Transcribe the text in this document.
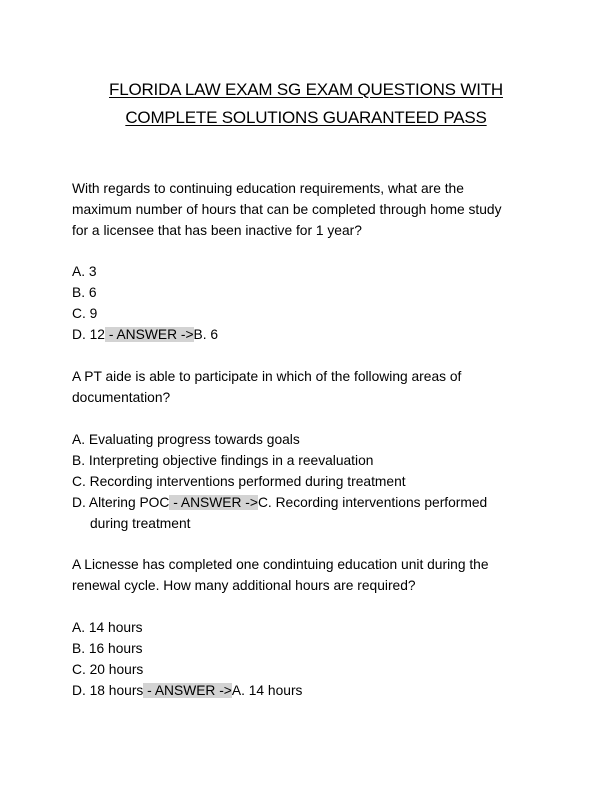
FLORIDA LAW EXAM SG EXAM QUESTIONS WITH
COMPLETE SOLUTIONS GUARANTEED PASS
With regards to continuing education requirements, what are the
maximum number of hours that can be completed through home study
for a licensee that has been inactive for 1 year?
A. 3
B. 6
C. 9
D. 12 - ANSWER ->B. 6
A PT aide is able to participate in which of the following areas of
documentation?
A. Evaluating progress towards goals
B. Interpreting objective findings in a reevaluation
C. Recording interventions performed during treatment
D. Altering POC - ANSWER ->C. Recording interventions performed
during treatment
A Licnesse has completed one condintuing education unit during the
renewal cycle. How many additional hours are required?
A. 14 hours
B. 16 hours
C. 20 hours
D. 18 hours - ANSWER ->A. 14 hours
